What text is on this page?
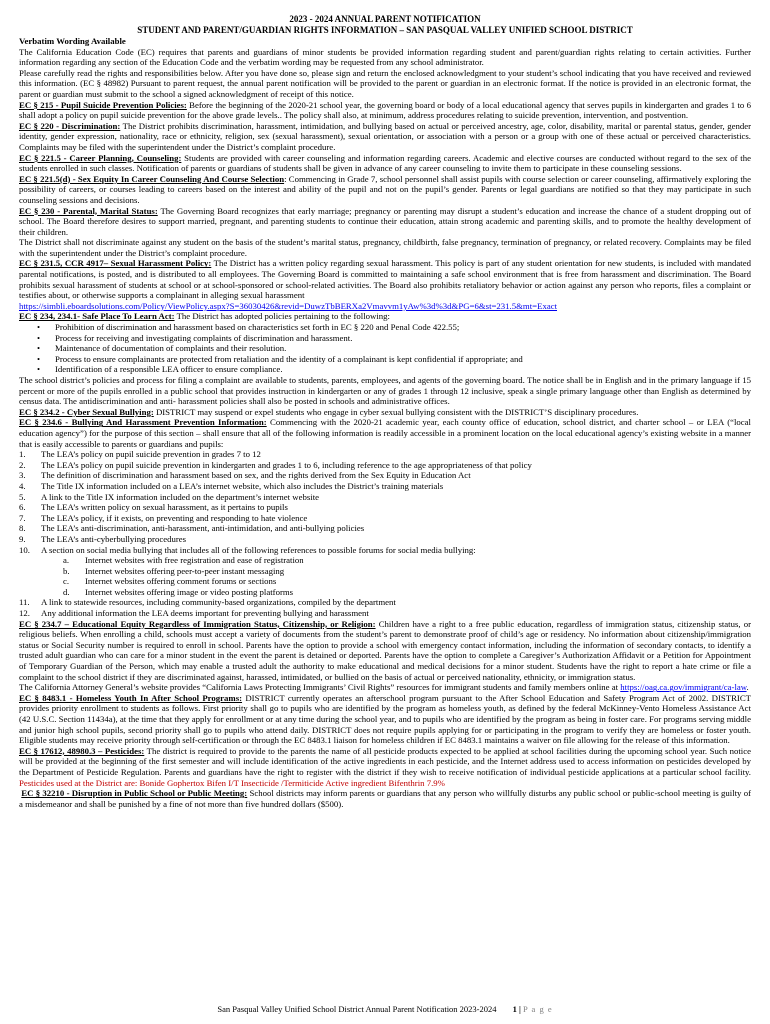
2023 - 2024 ANNUAL PARENT NOTIFICATION
STUDENT AND PARENT/GUARDIAN RIGHTS INFORMATION – SAN PASQUAL VALLEY UNIFIED SCHOOL DISTRICT
Verbatim Wording Available

The California Education Code (EC) requires that parents and guardians of minor students be provided information regarding student and parent/guardian rights relating to certain activities. Further information regarding any section of the Education Code and the verbatim wording may be requested from any school administrator.

Please carefully read the rights and responsibilities below. After you have done so, please sign and return the enclosed acknowledgment to your student’s school indicating that you have received and reviewed this information. (EC § 48982) Pursuant to parent request, the annual parent notification will be provided to the parent or guardian in an electronic format. If the notice is provided in an electronic format, the parent or guardian must submit to the school a signed acknowledgment of receipt of this notice.

EC § 215 - Pupil Suicide Prevention Policies: Before the beginning of the 2020-21 school year, the governing board or body of a local educational agency that serves pupils in kindergarten and grades 1 to 6 shall adopt a policy on pupil suicide prevention for the above grade levels.. The policy shall also, at minimum, address procedures relating to suicide prevention, intervention, and postvention.

EC § 220 - Discrimination: The District prohibits discrimination, harassment, intimidation, and bullying based on actual or perceived ancestry, age, color, disability, marital or parental status, gender, gender identity, gender expression, nationality, race or ethnicity, religion, sex (sexual harassment), sexual orientation, or association with a person or a group with one of these actual or perceived characteristics. Complaints may be filed with the superintendent under the District’s complaint procedure.

EC § 221.5 - Career Planning, Counseling: Students are provided with career counseling and information regarding careers. Academic and elective courses are conducted without regard to the sex of the students enrolled in such classes. Notification of parents or guardians of students shall be given in advance of any career counseling to invite them to participate in these counseling sessions.

EC § 221.5(d) - Sex Equity In Career Counseling And Course Selection: Commencing in Grade 7, school personnel shall assist pupils with course selection or career counseling, affirmatively exploring the possibility of careers, or courses leading to careers based on the interest and ability of the pupil and not on the pupil’s gender. Parents or legal guardians are notified so that they may participate in such counseling sessions and decisions.

EC § 230 - Parental, Marital Status: The Governing Board recognizes that early marriage; pregnancy or parenting may disrupt a student’s education and increase the chance of a student dropping out of school. The Board therefore desires to support married, pregnant, and parenting students to continue their education, attain strong academic and parenting skills, and to promote the healthy development of their children.

The District shall not discriminate against any student on the basis of the student’s marital status, pregnancy, childbirth, false pregnancy, termination of pregnancy, or related recovery. Complaints may be filed with the superintendent under the District’s complaint procedure.

EC § 231.5, CCR 4917– Sexual Harassment Policy: The District has a written policy regarding sexual harassment. This policy is part of any student orientation for new students, is included with mandated parental notifications, is posted, and is distributed to all employees. The Governing Board is committed to maintaining a safe school environment that is free from harassment and discrimination. The Board prohibits sexual harassment of students at school or at school-sponsored or school-related activities. The Board also prohibits retaliatory behavior or action against any person who reports, files a complaint or testifies about, or otherwise supports a complainant in alleging sexual harassment

https://simbli.eboardsolutions.com/Policy/ViewPolicy.aspx?S=36030426&revid=DuwzTbBERXa2Vmavvm1yAw%3d%3d&PG=6&st=231.5&mt=Exact

EC § 234, 234.1- Safe Place To Learn Act: The District has adopted policies pertaining to the following:

• Prohibition of discrimination and harassment based on characteristics set forth in EC § 220 and Penal Code 422.55;
• Process for receiving and investigating complaints of discrimination and harassment.
• Maintenance of documentation of complaints and their resolution.
• Process to ensure complainants are protected from retaliation and the identity of a complainant is kept confidential if appropriate; and
• Identification of a responsible LEA officer to ensure compliance.

The school district’s policies and process for filing a complaint are available to students, parents, employees, and agents of the governing board. The notice shall be in English and in the primary language if 15 percent or more of the pupils enrolled in a public school that provides instruction in kindergarten or any of grades 1 through 12 inclusive, speak a single primary language other than English as determined by census data. The antidiscrimination and anti- harassment policies shall also be posted in schools and administrative offices.

EC § 234.2 - Cyber Sexual Bullying: DISTRICT may suspend or expel students who engage in cyber sexual bullying consistent with the DISTRICT’S disciplinary procedures.

EC § 234.6 - Bullying And Harassment Prevention Information: Commencing with the 2020-21 academic year, each county office of education, school district, and charter school – or LEA (“local education agency”) for the purpose of this section – shall ensure that all of the following information is readily accessible in a prominent location on the local educational agency’s existing website in a manner that is easily accessible to parents or guardians and pupils:

1.	The LEA’s policy on pupil suicide prevention in grades 7 to 12
2.	The LEA’s policy on pupil suicide prevention in kindergarten and grades 1 to 6, including reference to the age appropriateness of that policy
3.	The definition of discrimination and harassment based on sex, and the rights derived from the Sex Equity in Education Act
4.	The Title IX information included on a LEA’s internet website, which also includes the District’s training materials
5.	A link to the Title IX information included on the department’s internet website
6.	The LEA’s written policy on sexual harassment, as it pertains to pupils
7.	The LEA’s policy, if it exists, on preventing and responding to hate violence
8.	The LEA’s anti-discrimination, anti-harassment, anti-intimidation, and anti-bullying policies
9.	The LEA’s anti-cyberbullying procedures
10.	A section on social media bullying that includes all of the following references to possible forums for social media bullying:
a.	Internet websites with free registration and ease of registration
b.	Internet websites offering peer-to-peer instant messaging
c.	Internet websites offering comment forums or sections
d.	Internet websites offering image or video posting platforms
11.	A link to statewide resources, including community-based organizations, compiled by the department
12.	Any additional information the LEA deems important for preventing bullying and harassment

EC § 234.7 – Educational Equity Regardless of Immigration Status, Citizenship, or Religion: Children have a right to a free public education, regardless of immigration status, citizenship status, or religious beliefs. When enrolling a child, schools must accept a variety of documents from the student’s parent to demonstrate proof of child’s age or residency. No information about citizenship/immigration status or Social Security number is required to enroll in school. Parents have the option to provide a school with emergency contact information, including the information of secondary contacts, to identify a trusted adult guardian who can care for a minor student in the event the parent is detained or deported. Parents have the option to complete a Caregiver’s Authorization Affidavit or a Petition for Appointment of Temporary Guardian of the Person, which may enable a trusted adult the authority to make educational and medical decisions for a minor student. Students have the right to report a hate crime or file a complaint to the school district if they are discriminated against, harassed, intimidated, or bullied on the basis of actual or perceived nationality, ethnicity, or immigration status.

The California Attorney General’s website provides “California Laws Protecting Immigrants’ Civil Rights” resources for immigrant students and family members online at https://oag.ca.gov/immigrant/ca-law.

EC § 8483.1 - Homeless Youth In After School Programs: DISTRICT currently operates an afterschool program pursuant to the After School Education and Safety Program Act of 2002. DISTRICT provides priority enrollment to students as follows. First priority shall go to pupils who are identified by the program as homeless youth, as defined by the federal McKinney-Vento Homeless Assistance Act (42 U.S.C. Section 11434a), at the time that they apply for enrollment or at any time during the school year, and to pupils who are identified by the program as being in foster care. For programs serving middle and junior high school pupils, second priority shall go to pupils who attend daily. DISTRICT does not require pupils applying for or participating in the program to verify they are homeless or foster youth. Eligible students may receive priority through self-certification or through the EC 8483.1 liaison for homeless children if EC 8483.1 maintains a waiver on file allowing for the release of this information.

EC § 17612, 48980.3 – Pesticides: The district is required to provide to the parents the name of all pesticide products expected to be applied at school facilities during the upcoming school year. Such notice will be provided at the beginning of the first semester and will include identification of the active ingredients in each pesticide, and the Internet address used to access information on pesticides developed by the Department of Pesticide Regulation. Parents and guardians have the right to register with the district if they wish to receive notification of individual pesticide applications at a particular school facility. Pesticides used at the District are: Bonide Gophertox Bifen I/T Insecticide /Termiticide Active ingredient Bifenthrin 7.9%

EC § 32210 - Disruption in Public School or Public Meeting: School districts may inform parents or guardians that any person who willfully disturbs any public school or public-school meeting is guilty of a misdemeanor and shall be punished by a fine of not more than five hundred dollars ($500).

San Pasqual Valley Unified School District Annual Parent Notification 2023-2024 1 | P a g e
